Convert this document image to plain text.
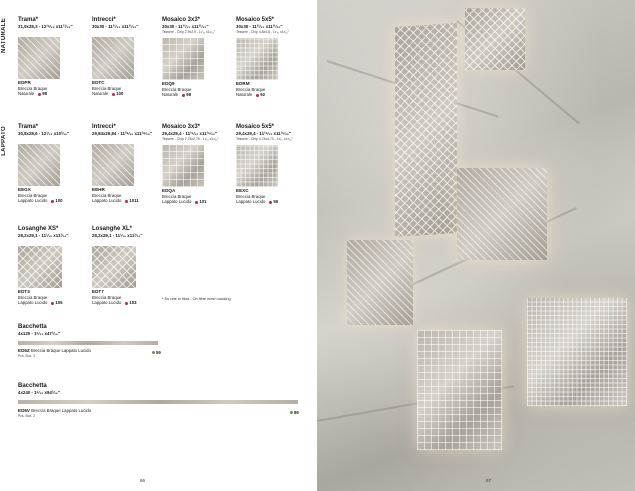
NATURALE
LAPPATO
Trama*
31,9x28,3 - 12¹⁶⁄₃₂ x11¹³⁄₃₂″
EDPR
Breccia Braque
Naturale 98
Intrecci*
30x30 - 11³¹⁄₃₂ x11³¹⁄₃₂″
EDTC
Breccia Braque
Naturale 100
Mosaico 3x3*
30x30 - 11³¹⁄₃₂ x11³¹⁄₃₂″
Tessere - Chip 2,9x2,9 - 1¹⁄₁₆ x1¹⁄₁₆″
EDQ9
Breccia Braque
Naturale 98
Mosaico 5x5*
30x30 - 11³¹⁄₃₂ x11³¹⁄₃₂″
Tessere - Chip 4,8x4,8 - 1³⁄₁₆ x1³⁄₁₆″
EDRM
Breccia Braque
Naturale 92
Trama*
30,8x28,6 - 12¹⁄₃₂ x10³⁄₁₆″
EEGX
Breccia Braque
Lappato Lucido 100
Intrecci*
29,84x29,84 - 11²⁹⁄₃₂ x11²⁹⁄₃₂″
EEHR
Breccia Braque
Lappato Lucido 1011
Mosaico 3x3*
29,4x29,4 - 11¹⁵⁄₃₂ x11¹⁵⁄₃₂″
Tessere - Chip 2,78x2,78 - 1¹⁄₁₆ x1¹⁄₁₆″
EDQA
Breccia Braque
Lappato Lucido 101
Mosaico 5x5*
29,4x29,4 - 11¹⁵⁄₃₂ x11¹⁵⁄₃₂″
Tessere - Chip 4,73x4,73 - 1³⁄₁₆ x1³⁄₁₆″
EEXC
Breccia Braque
Lappato Lucido 96
Losanghe XS*
28,2x29,1 - 11¹⁄₁₆ x11³⁄₁₆″
EDT3
Breccia Braque
Lappato Lucido 105
Losanghe XL*
28,2x29,1 - 11¹⁄₁₆ x11³⁄₁₆″
EDT7
Breccia Braque
Lappato Lucido 103
* Su rete in fibra - On fibre mesh backing
Bacchetta
4x120 - 1⁵⁄₃₂ x47³⁄₁₆″
ED6Z Breccia Braque Lappato Lucido
Pcs. Box. 2
59
Bacchetta
4x240 - 1⁵⁄₃₂ x94³⁄₁₆″
ED6V Breccia Braque Lappato Lucido
Pcs. Box. 2
86
66	67
